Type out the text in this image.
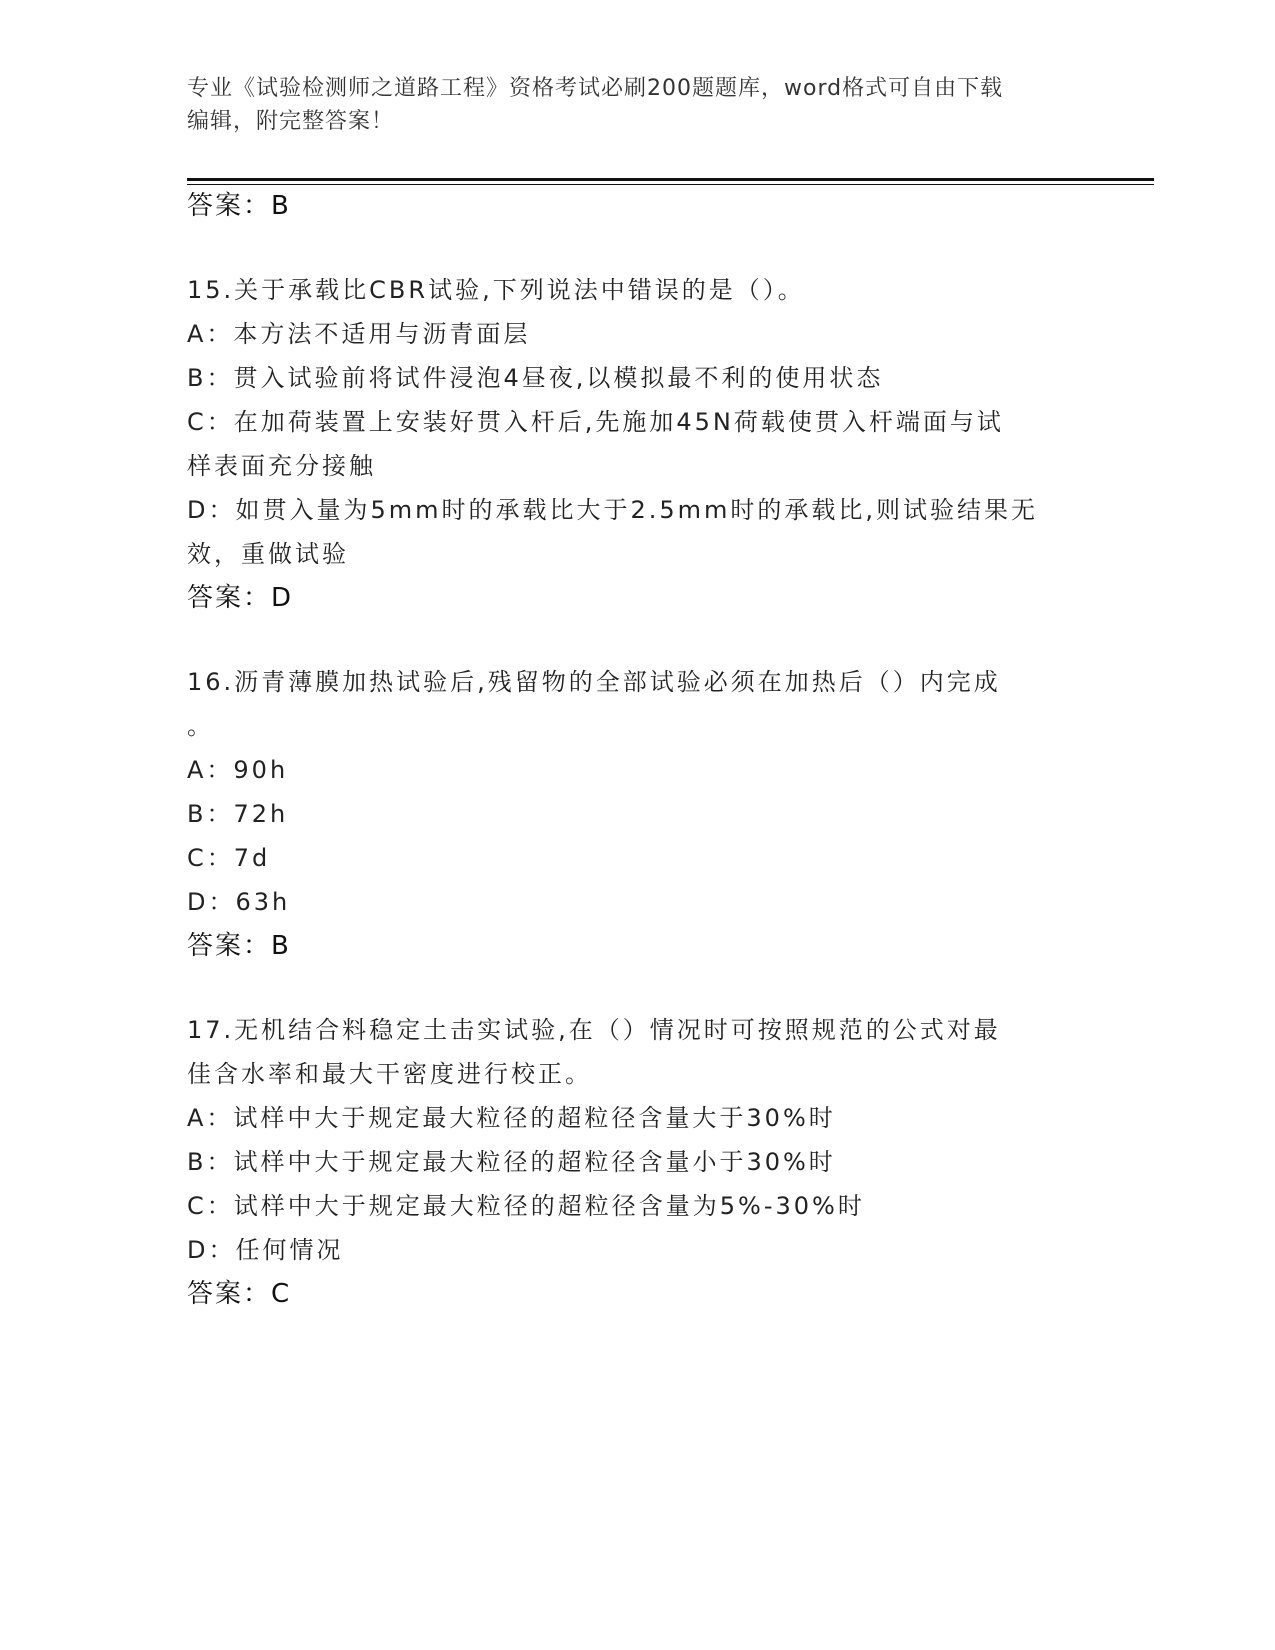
专业《试验检测师之道路工程》资格考试必刷200题题库，word格式可自由下载
编辑，附完整答案！
答案：B
15.关于承载比CBR试验,下列说法中错误的是（）。
A：本方法不适用与沥青面层
B：贯入试验前将试件浸泡4昼夜,以模拟最不利的使用状态
C：在加荷装置上安装好贯入杆后,先施加45N荷载使贯入杆端面与试
样表面充分接触
D：如贯入量为5mm时的承载比大于2.5mm时的承载比,则试验结果无
效，重做试验
答案：D
16.沥青薄膜加热试验后,残留物的全部试验必须在加热后（）内完成
。
A：90h
B：72h
C：7d
D：63h
答案：B
17.无机结合料稳定土击实试验,在（）情况时可按照规范的公式对最
佳含水率和最大干密度进行校正。
A：试样中大于规定最大粒径的超粒径含量大于30%时
B：试样中大于规定最大粒径的超粒径含量小于30%时
C：试样中大于规定最大粒径的超粒径含量为5%-30%时
D：任何情况
答案：C
